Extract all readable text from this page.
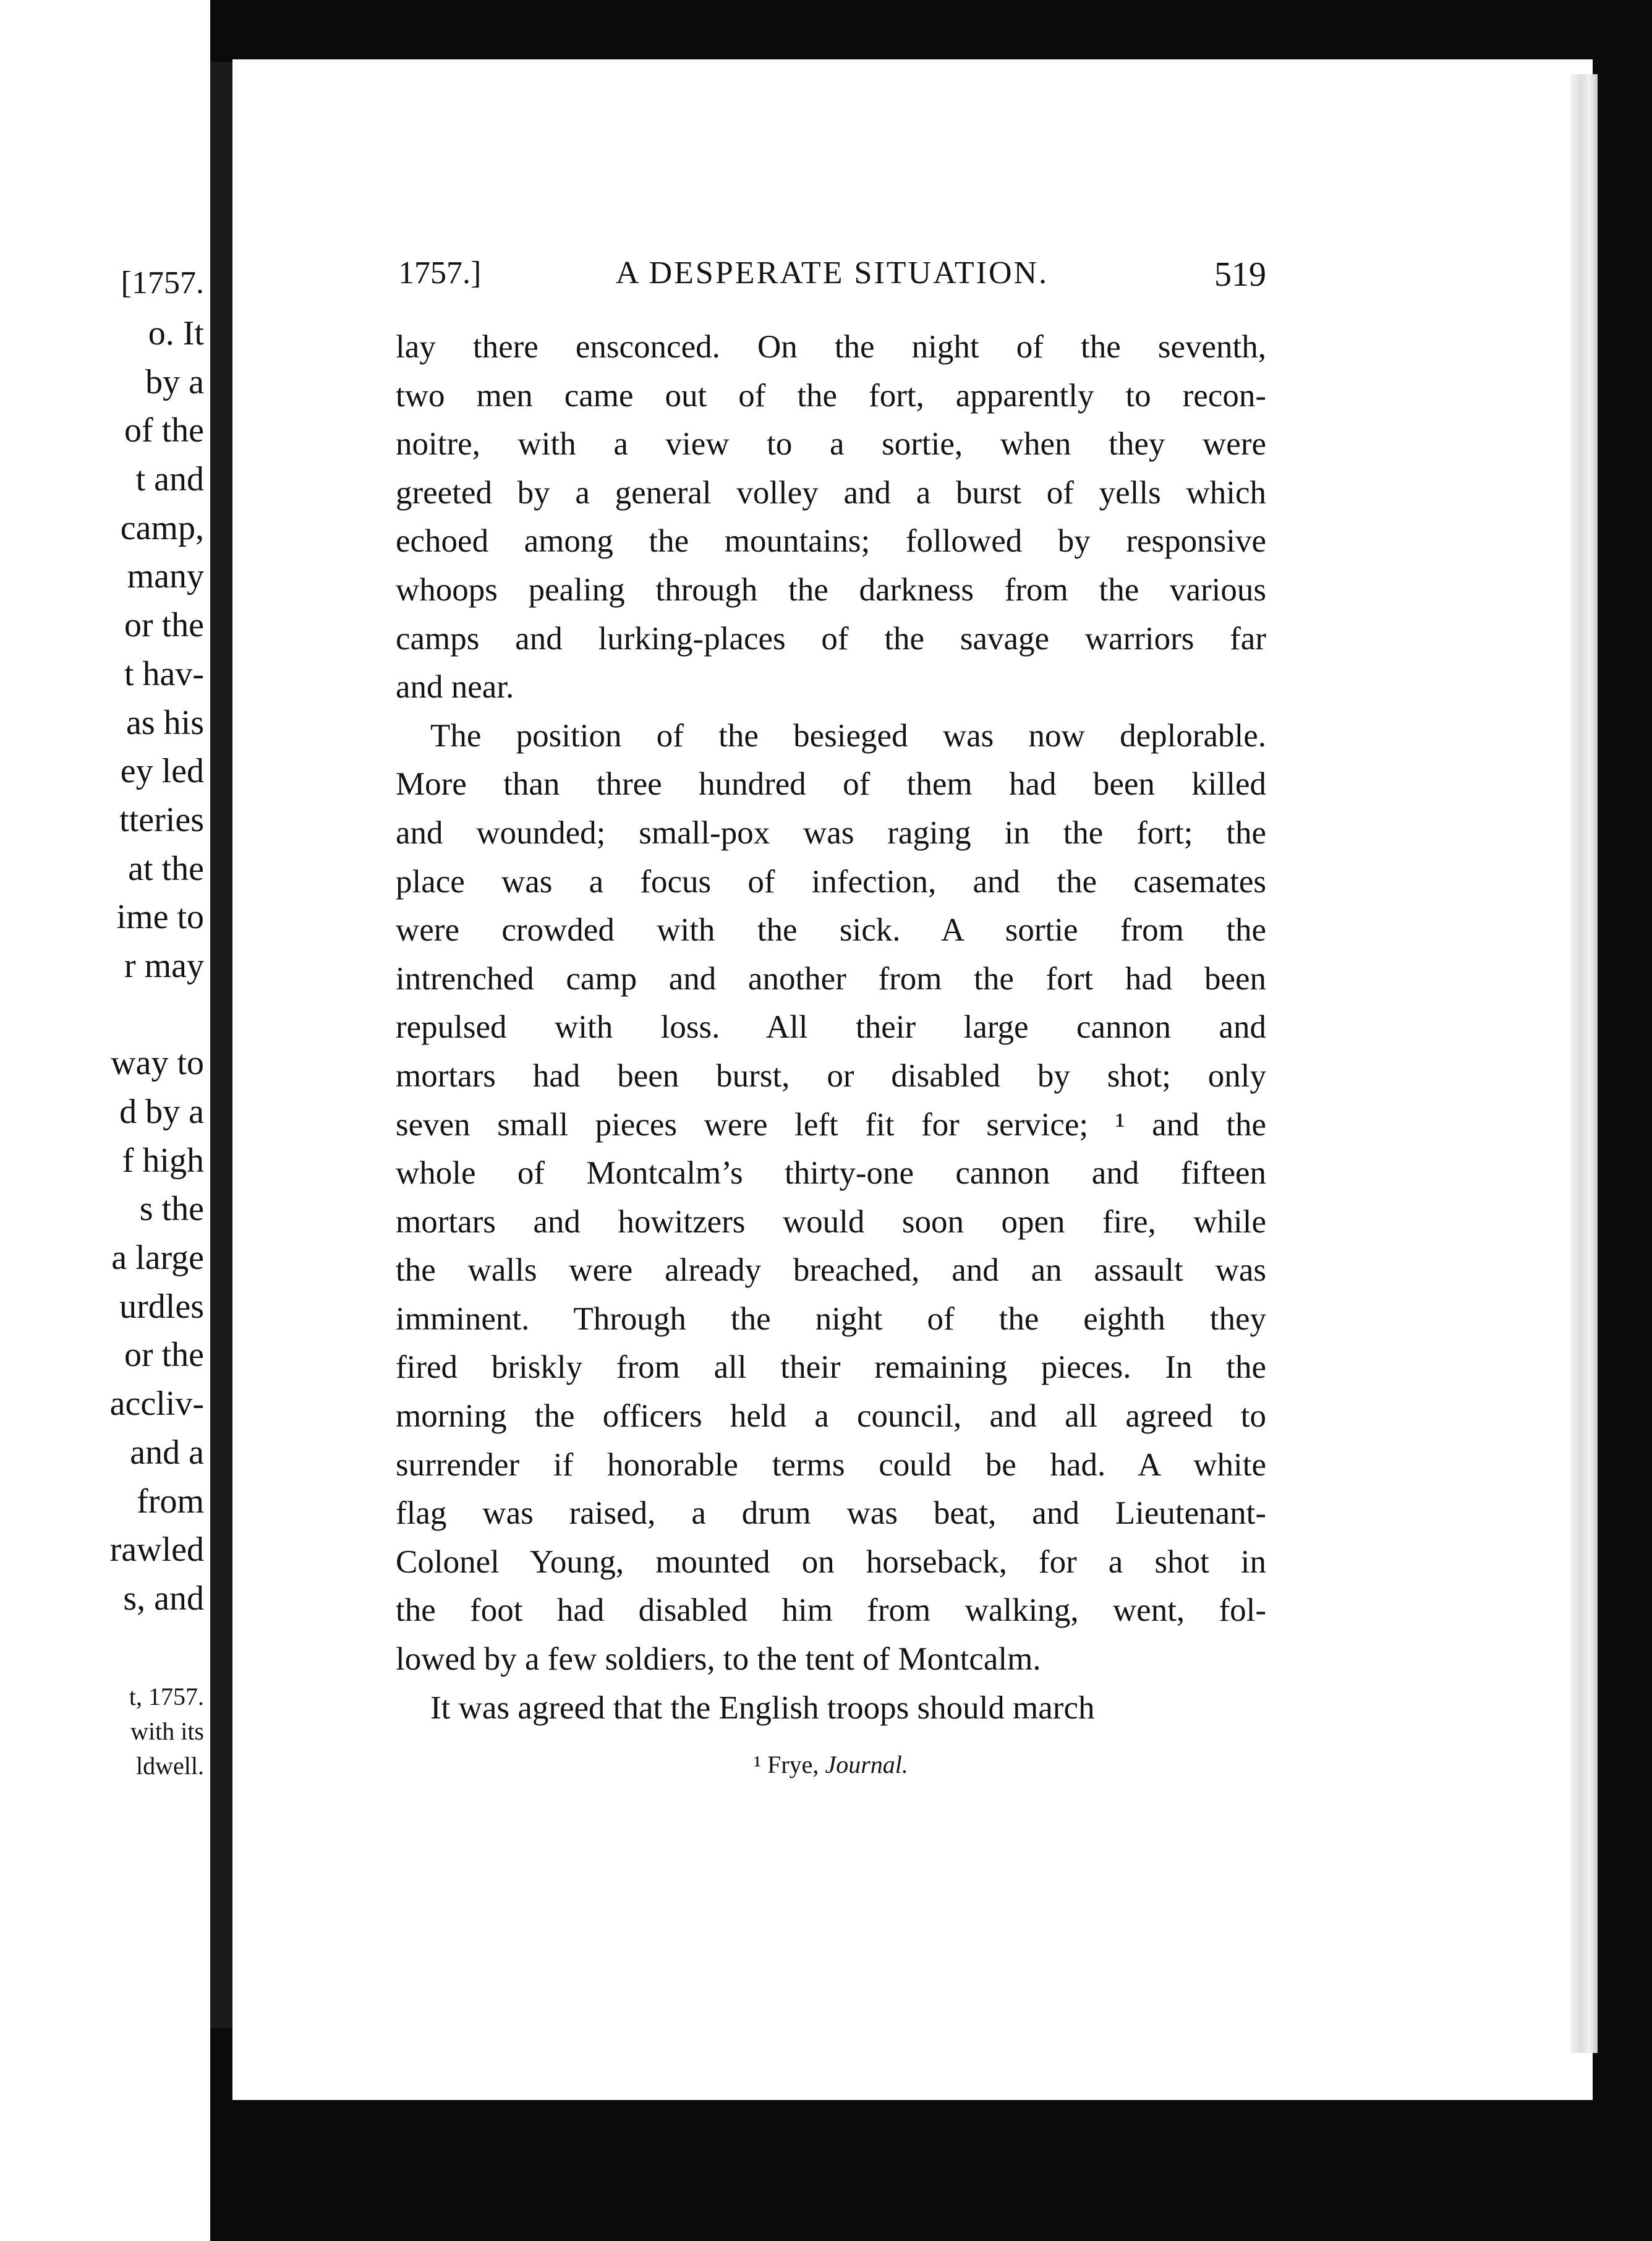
[1757.
o. It
by a
of the
t and
camp,
many
or the
t hav-
as his
ey led
tteries
at the
ime to
r may
way to
d by a
f high
s the
a large
urdles
or the
accliv-
and a
from
rawled
s, and
t, 1757.
with its
ldwell.
1757.]	A DESPERATE SITUATION.	519
lay there ensconced. On the night of the seventh,
two men came out of the fort, apparently to recon-
noitre, with a view to a sortie, when they were
greeted by a general volley and a burst of yells which
echoed among the mountains; followed by responsive
whoops pealing through the darkness from the various
camps and lurking-places of the savage warriors far
and near.
The position of the besieged was now deplorable.
More than three hundred of them had been killed
and wounded; small-pox was raging in the fort; the
place was a focus of infection, and the casemates
were crowded with the sick. A sortie from the
intrenched camp and another from the fort had been
repulsed with loss. All their large cannon and
mortars had been burst, or disabled by shot; only
seven small pieces were left fit for service; ¹ and the
whole of Montcalm’s thirty-one cannon and fifteen
mortars and howitzers would soon open fire, while
the walls were already breached, and an assault was
imminent. Through the night of the eighth they
fired briskly from all their remaining pieces. In the
morning the officers held a council, and all agreed to
surrender if honorable terms could be had. A white
flag was raised, a drum was beat, and Lieutenant-
Colonel Young, mounted on horseback, for a shot in
the foot had disabled him from walking, went, fol-
lowed by a few soldiers, to the tent of Montcalm.
It was agreed that the English troops should march
¹ Frye, Journal.
